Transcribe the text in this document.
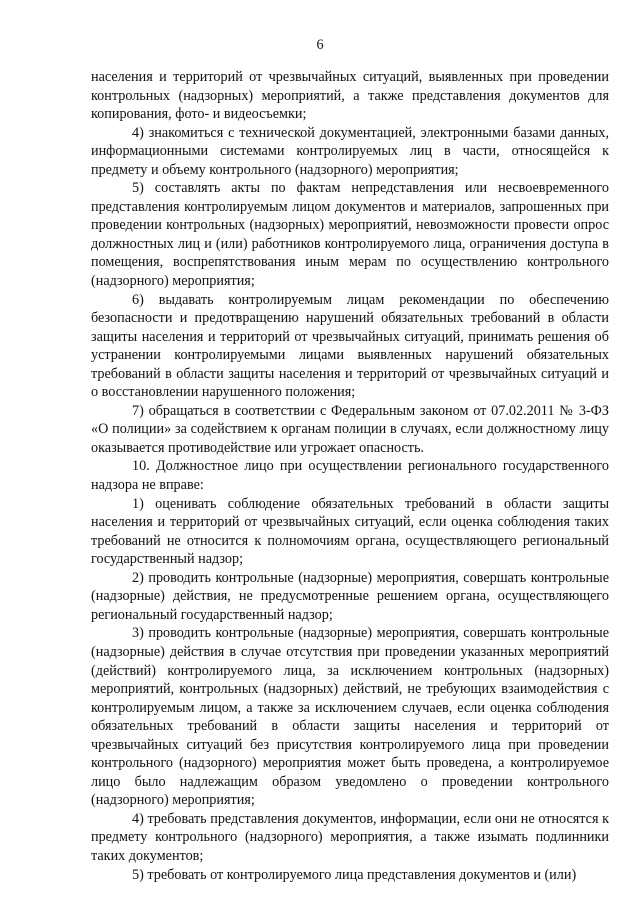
6

населения и территорий от чрезвычайных ситуаций, выявленных при проведении контрольных (надзорных) мероприятий, а также представления документов для копирования, фото- и видеосъемки;

4) знакомиться с технической документацией, электронными базами данных, информационными системами контролируемых лиц в части, относящейся к предмету и объему контрольного (надзорного) мероприятия;

5) составлять акты по фактам непредставления или несвоевременного представления контролируемым лицом документов и материалов, запрошенных при проведении контрольных (надзорных) мероприятий, невозможности провести опрос должностных лиц и (или) работников контролируемого лица, ограничения доступа в помещения, воспрепятствования иным мерам по осуществлению контрольного (надзорного) мероприятия;

6) выдавать контролируемым лицам рекомендации по обеспечению безопасности и предотвращению нарушений обязательных требований в области защиты населения и территорий от чрезвычайных ситуаций, принимать решения об устранении контролируемыми лицами выявленных нарушений обязательных требований в области защиты населения и территорий от чрезвычайных ситуаций и о восстановлении нарушенного положения;

7) обращаться в соответствии с Федеральным законом от 07.02.2011 № 3-ФЗ «О полиции» за содействием к органам полиции в случаях, если должностному лицу оказывается противодействие или угрожает опасность.

10. Должностное лицо при осуществлении регионального государственного надзора не вправе:

1) оценивать соблюдение обязательных требований в области защиты населения и территорий от чрезвычайных ситуаций, если оценка соблюдения таких требований не относится к полномочиям органа, осуществляющего региональный государственный надзор;

2) проводить контрольные (надзорные) мероприятия, совершать контрольные (надзорные) действия, не предусмотренные решением органа, осуществляющего региональный государственный надзор;

3) проводить контрольные (надзорные) мероприятия, совершать контрольные (надзорные) действия в случае отсутствия при проведении указанных мероприятий (действий) контролируемого лица, за исключением контрольных (надзорных) мероприятий, контрольных (надзорных) действий, не требующих взаимодействия с контролируемым лицом, а также за исключением случаев, если оценка соблюдения обязательных требований в области защиты населения и территорий от чрезвычайных ситуаций без присутствия контролируемого лица при проведении контрольного (надзорного) мероприятия может быть проведена, а контролируемое лицо было надлежащим образом уведомлено о проведении контрольного (надзорного) мероприятия;

4) требовать представления документов, информации, если они не относятся к предмету контрольного (надзорного) мероприятия, а также изымать подлинники таких документов;

5) требовать от контролируемого лица представления документов и (или)
